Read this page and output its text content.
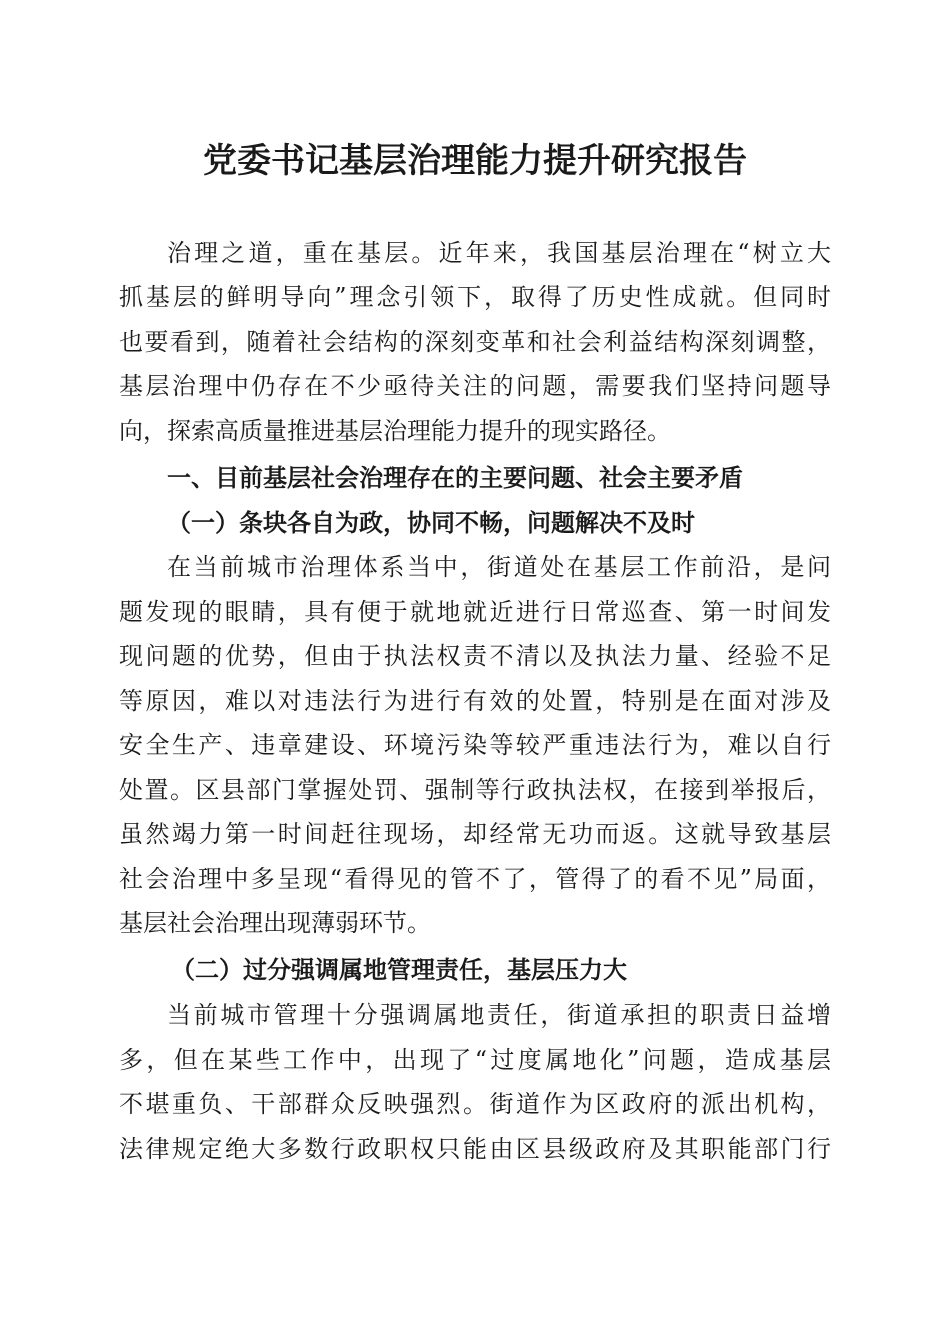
党委书记基层治理能力提升研究报告

治理之道，重在基层。近年来，我国基层治理在“树立大

抓基层的鲜明导向”理念引领下，取得了历史性成就。但同时

也要看到，随着社会结构的深刻变革和社会利益结构深刻调整，

基层治理中仍存在不少亟待关注的问题，需要我们坚持问题导

向，探索高质量推进基层治理能力提升的现实路径。

一、目前基层社会治理存在的主要问题、社会主要矛盾
（一）条块各自为政，协同不畅，问题解决不及时

在当前城市治理体系当中，街道处在基层工作前沿，是问

题发现的眼睛，具有便于就地就近进行日常巡查、第一时间发

现问题的优势，但由于执法权责不清以及执法力量、经验不足

等原因，难以对违法行为进行有效的处置，特别是在面对涉及

安全生产、违章建设、环境污染等较严重违法行为，难以自行

处置。区县部门掌握处罚、强制等行政执法权，在接到举报后，

虽然竭力第一时间赶往现场，却经常无功而返。这就导致基层

社会治理中多呈现“看得见的管不了，管得了的看不见”局面，

基层社会治理出现薄弱环节。

（二）过分强调属地管理责任，基层压力大

当前城市管理十分强调属地责任，街道承担的职责日益增

多，但在某些工作中，出现了“过度属地化”问题，造成基层

不堪重负、干部群众反映强烈。街道作为区政府的派出机构，

法律规定绝大多数行政职权只能由区县级政府及其职能部门行
